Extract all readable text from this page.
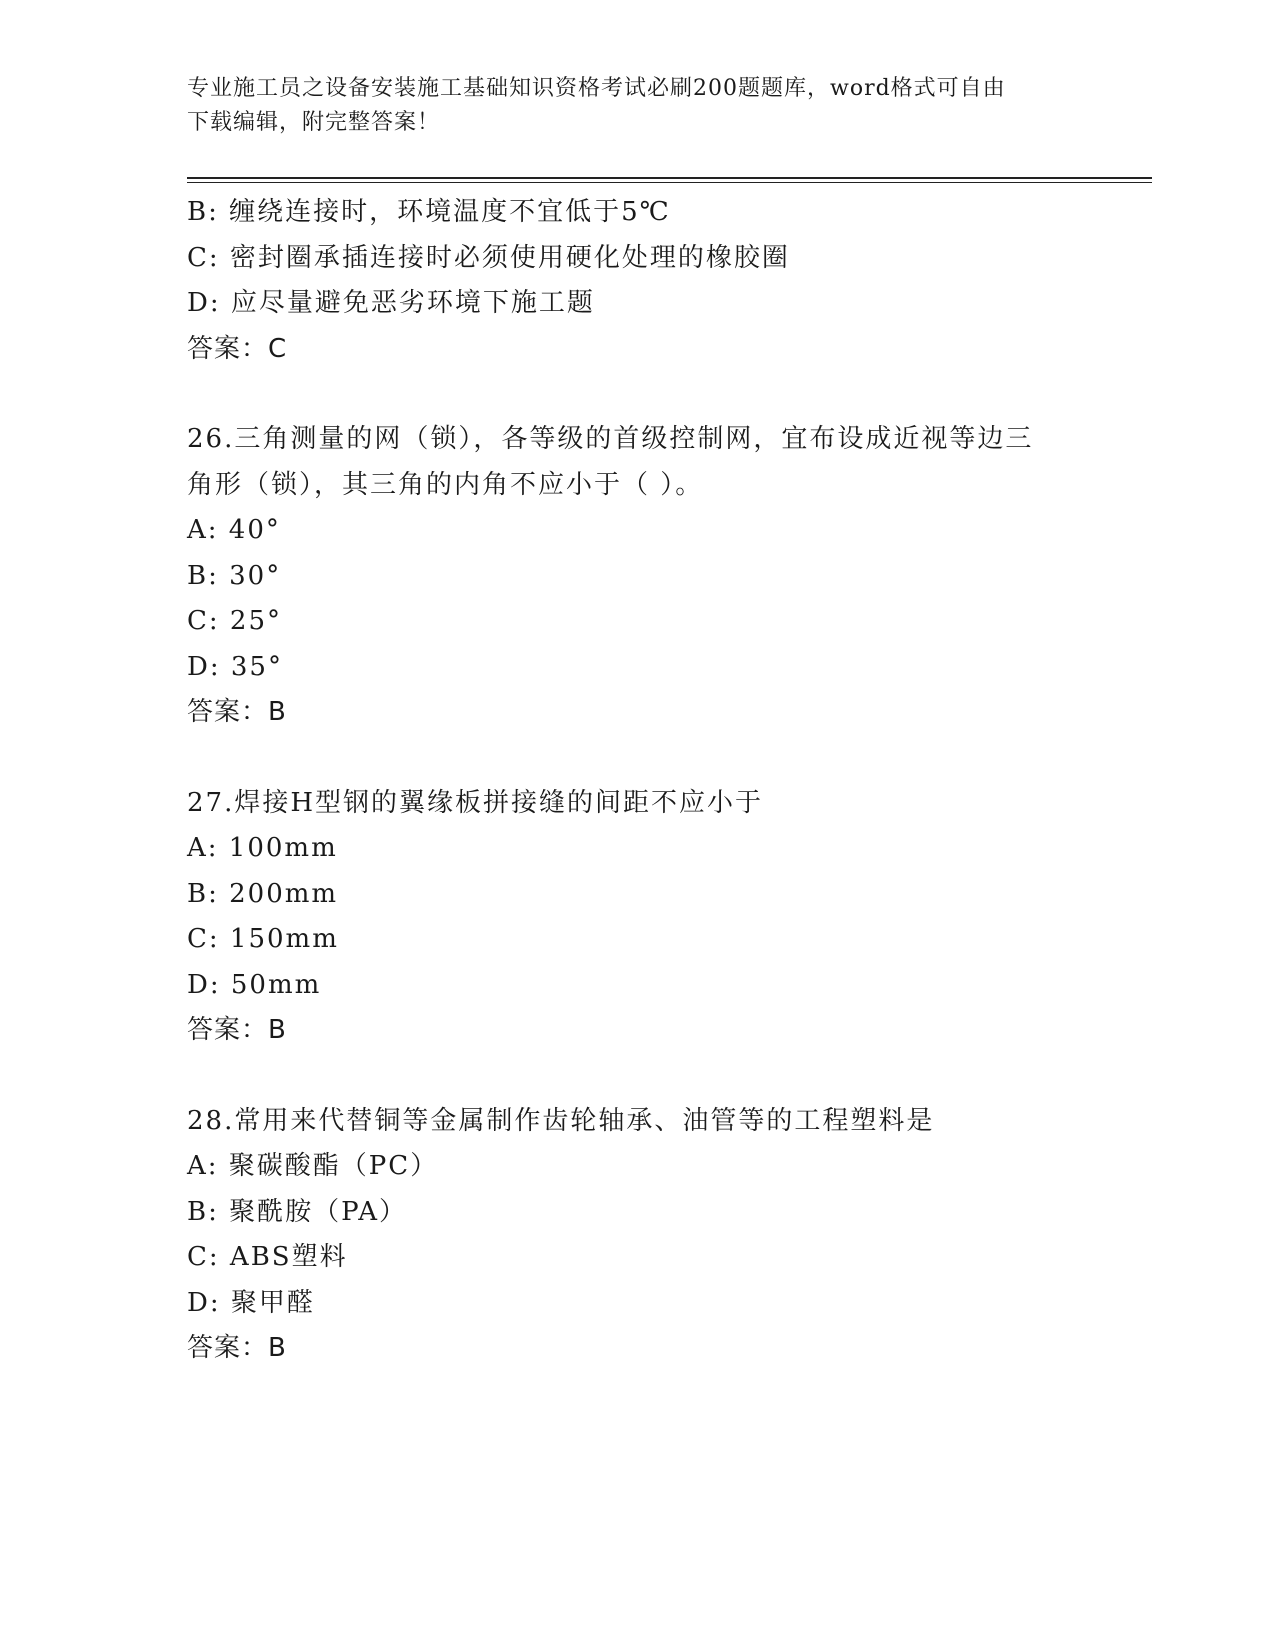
专业施工员之设备安装施工基础知识资格考试必刷200题题库，word格式可自由
下载编辑，附完整答案！
B: 缠绕连接时，环境温度不宜低于5℃
C: 密封圈承插连接时必须使用硬化处理的橡胶圈
D: 应尽量避免恶劣环境下施工题
答案：C
26.三角测量的网（锁），各等级的首级控制网，宜布设成近视等边三
角形（锁），其三角的内角不应小于（ ）。
A: 40°
B: 30°
C: 25°
D: 35°
答案：B
27.焊接H型钢的翼缘板拼接缝的间距不应小于
A: 100mm
B: 200mm
C: 150mm
D: 50mm
答案：B
28.常用来代替铜等金属制作齿轮轴承、油管等的工程塑料是
A: 聚碳酸酯（PC）
B: 聚酰胺（PA）
C: ABS塑料
D: 聚甲醛
答案：B
